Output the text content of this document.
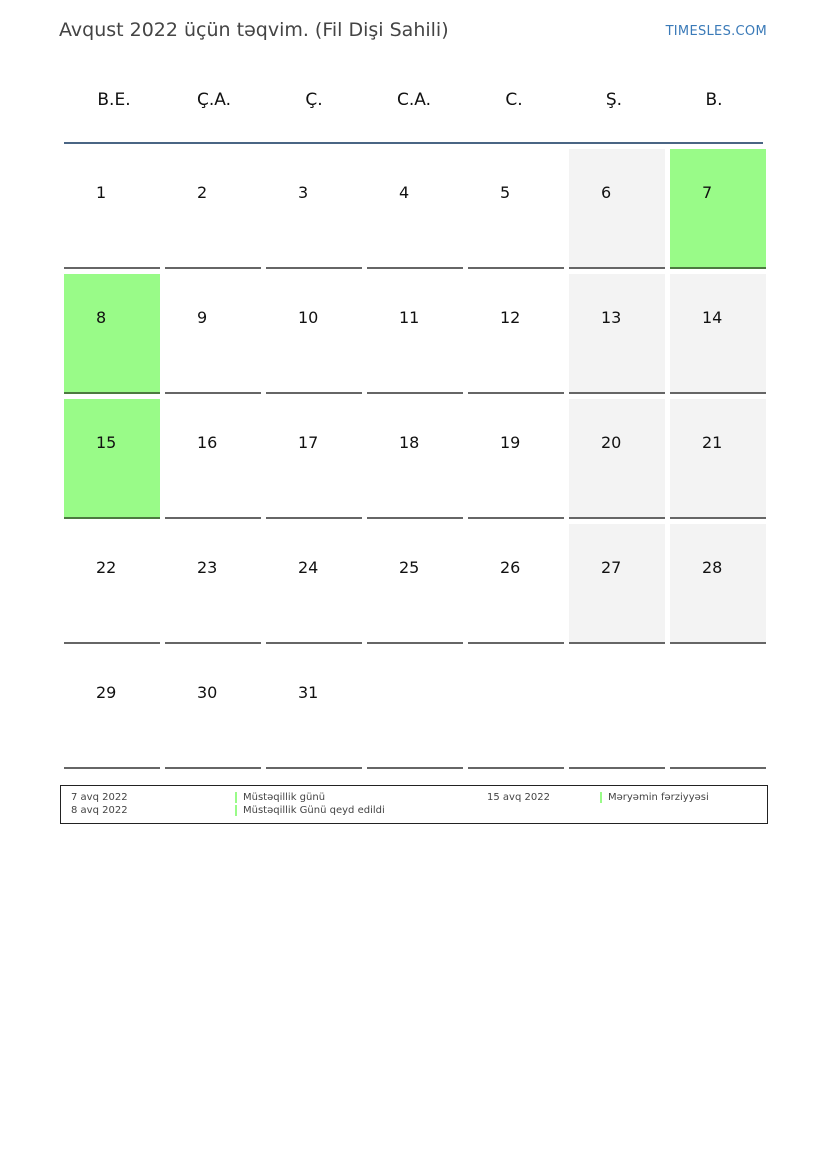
Avqust 2022 üçün təqvim. (Fil Dişi Sahili)	TIMESLES.COM
B.E.	Ç.A.	Ç.	C.A.	C.	Ş.	B.
1	2	3	4	5	6	7
8	9	10	11	12	13	14
15	16	17	18	19	20	21
22	23	24	25	26	27	28
29	30	31
7 avq 2022	Müstəqillik günü
8 avq 2022	Müstəqillik Günü qeyd edildi
15 avq 2022	Məryəmin fərziyyəsi
